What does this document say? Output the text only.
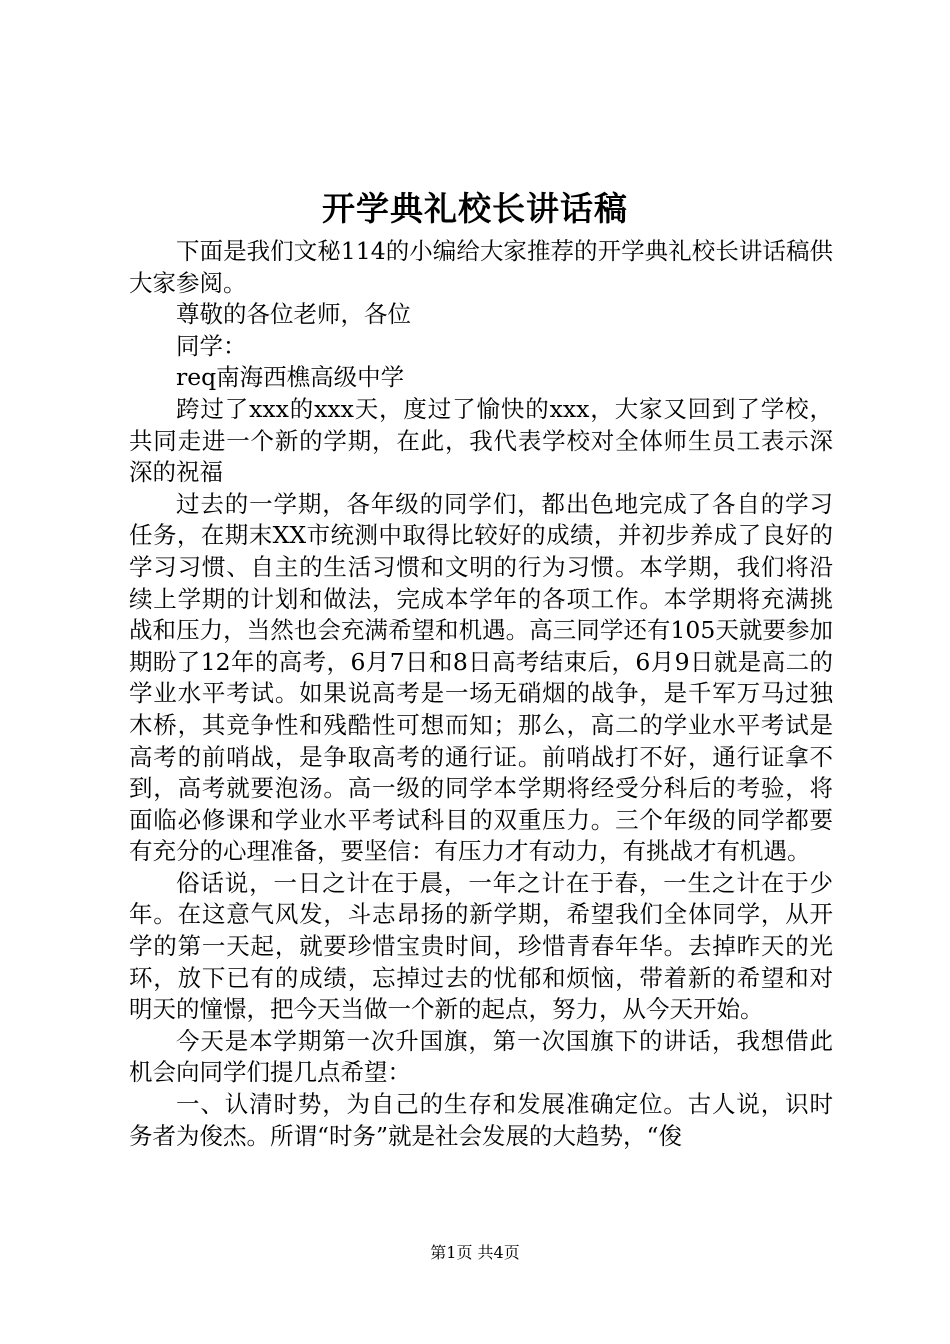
开学典礼校长讲话稿

下面是我们文秘114的小编给大家推荐的开学典礼校长讲话稿供大家参阅。

尊敬的各位老师，各位

同学：

req南海西樵高级中学

跨过了xxx的xxx天，度过了愉快的xxx，大家又回到了学校，共同走进一个新的学期，在此，我代表学校对全体师生员工表示深深的祝福

过去的一学期，各年级的同学们，都出色地完成了各自的学习任务，在期末XX市统测中取得比较好的成绩，并初步养成了良好的学习习惯、自主的生活习惯和文明的行为习惯。本学期，我们将沿续上学期的计划和做法，完成本学年的各项工作。本学期将充满挑战和压力，当然也会充满希望和机遇。高三同学还有105天就要参加期盼了12年的高考，6月7日和8日高考结束后，6月9日就是高二的学业水平考试。如果说高考是一场无硝烟的战争，是千军万马过独木桥，其竞争性和残酷性可想而知；那么，高二的学业水平考试是高考的前哨战，是争取高考的通行证。前哨战打不好，通行证拿不到，高考就要泡汤。高一级的同学本学期将经受分科后的考验，将面临必修课和学业水平考试科目的双重压力。三个年级的同学都要有充分的心理准备，要坚信：有压力才有动力，有挑战才有机遇。

俗话说，一日之计在于晨，一年之计在于春，一生之计在于少年。在这意气风发，斗志昂扬的新学期，希望我们全体同学，从开学的第一天起，就要珍惜宝贵时间，珍惜青春年华。去掉昨天的光环，放下已有的成绩，忘掉过去的忧郁和烦恼，带着新的希望和对明天的憧憬，把今天当做一个新的起点，努力，从今天开始。

今天是本学期第一次升国旗，第一次国旗下的讲话，我想借此机会向同学们提几点希望：

一、认清时势，为自己的生存和发展准确定位。古人说，识时务者为俊杰。所谓“时务”就是社会发展的大趋势，“俊

第1页 共4页
